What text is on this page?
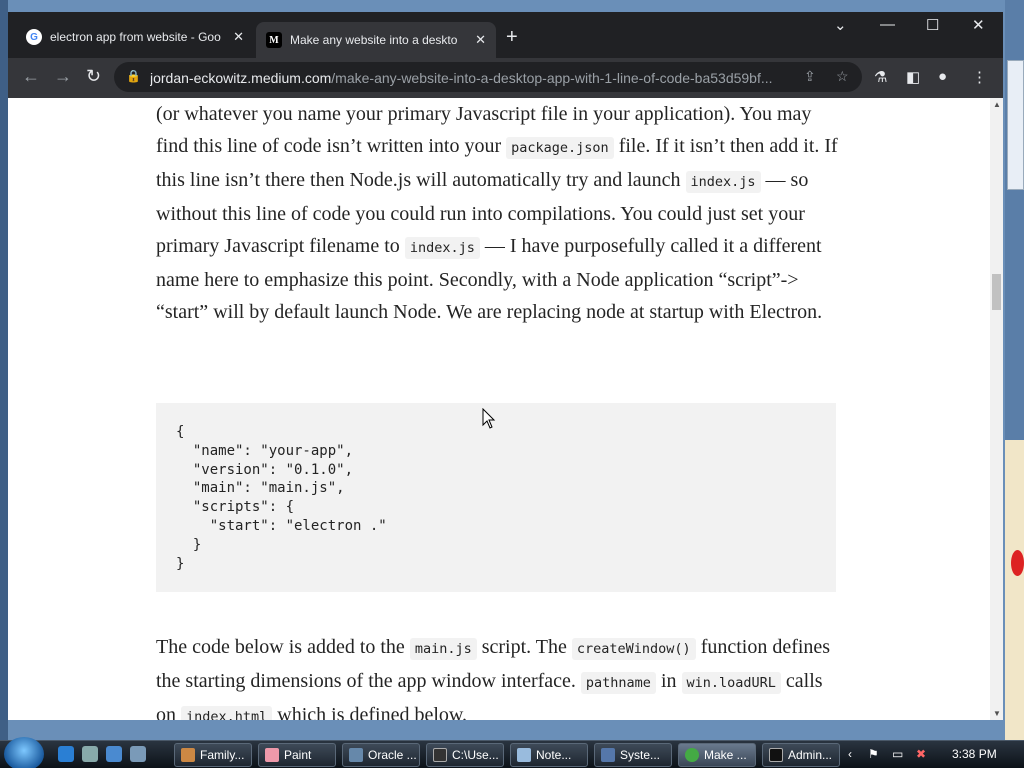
G	electron app from website - Goo ✕	M Make any website into a deskto	✕ +
⌄ — ☐ ✕
← → ↻ 🔒 jordan-eckowitz.medium.com/make-any-website-into-a-desktop-app-with-1-line-of-code-ba53d59bf...	⇪ ☆ ⚗ ◧ ● ⋮

(or whatever you name your primary Javascript file in your application). You may find this line of code isn’t written into your package.json file. If it isn’t then add it. If this line isn’t there then Node.js will automatically try and launch index.js — so without this line of code you could run into compilations. You could just set your primary Javascript filename to index.js — I have purposefully called it a different name here to emphasize this point. Secondly, with a Node application “script”-> “start” will by default launch Node. We are replacing node at startup with Electron.

{
"name": "your-app",
"version": "0.1.0",
"main": "main.js",
"scripts": {
"start": "electron ."
}
}

The code below is added to the main.js script. The createWindow() function defines the starting dimensions of the app window interface. pathname in win.loadURL calls on index.html which is defined below.

▲
▼
Family...	Paint	Oracle ...	C:\Use...	Note...	Syste...	Make ...	Admin... ‹ ⚑ ▭ ✖ 3:38 PM
